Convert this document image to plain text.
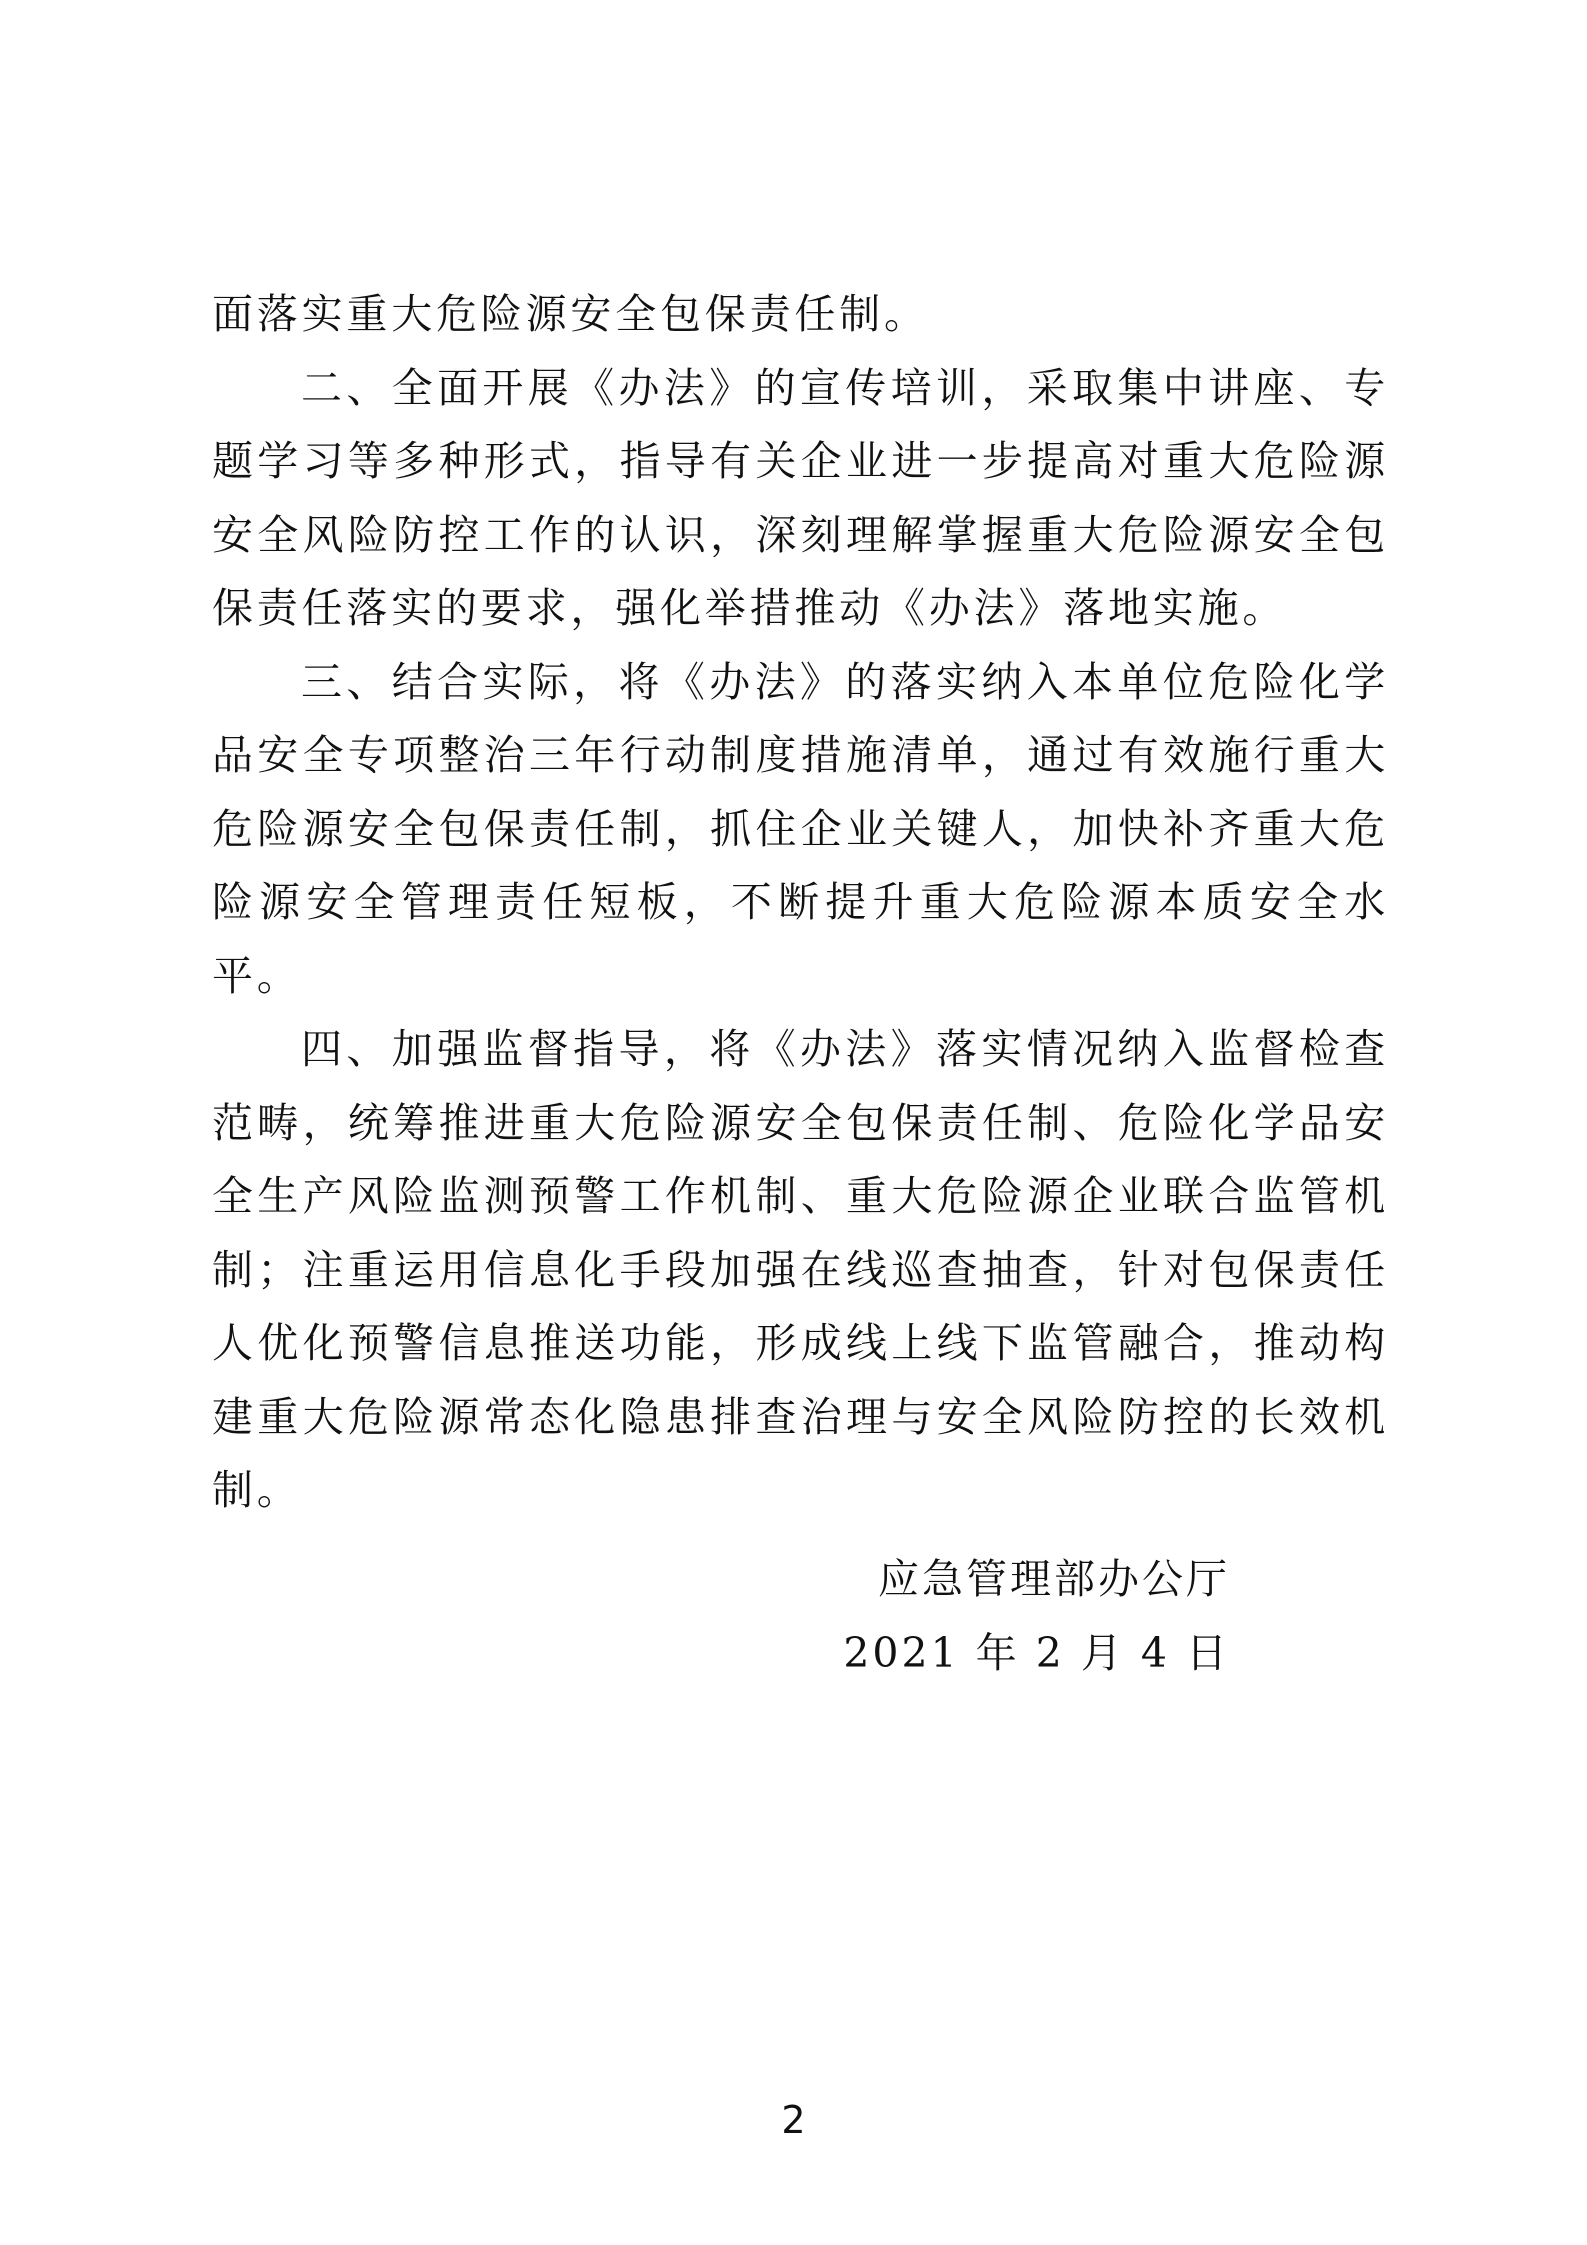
面落实重大危险源安全包保责任制。

二、全面开展《办法》的宣传培训，采取集中讲座、专题学习等多种形式，指导有关企业进一步提高对重大危险源安全风险防控工作的认识，深刻理解掌握重大危险源安全包保责任落实的要求，强化举措推动《办法》落地实施。

三、结合实际，将《办法》的落实纳入本单位危险化学品安全专项整治三年行动制度措施清单，通过有效施行重大危险源安全包保责任制，抓住企业关键人，加快补齐重大危险源安全管理责任短板，不断提升重大危险源本质安全水平。

四、加强监督指导，将《办法》落实情况纳入监督检查范畴，统筹推进重大危险源安全包保责任制、危险化学品安全生产风险监测预警工作机制、重大危险源企业联合监管机制；注重运用信息化手段加强在线巡查抽查，针对包保责任人优化预警信息推送功能，形成线上线下监管融合，推动构建重大危险源常态化隐患排查治理与安全风险防控的长效机制。

应急管理部办公厅
2021 年 2 月 4 日
2
